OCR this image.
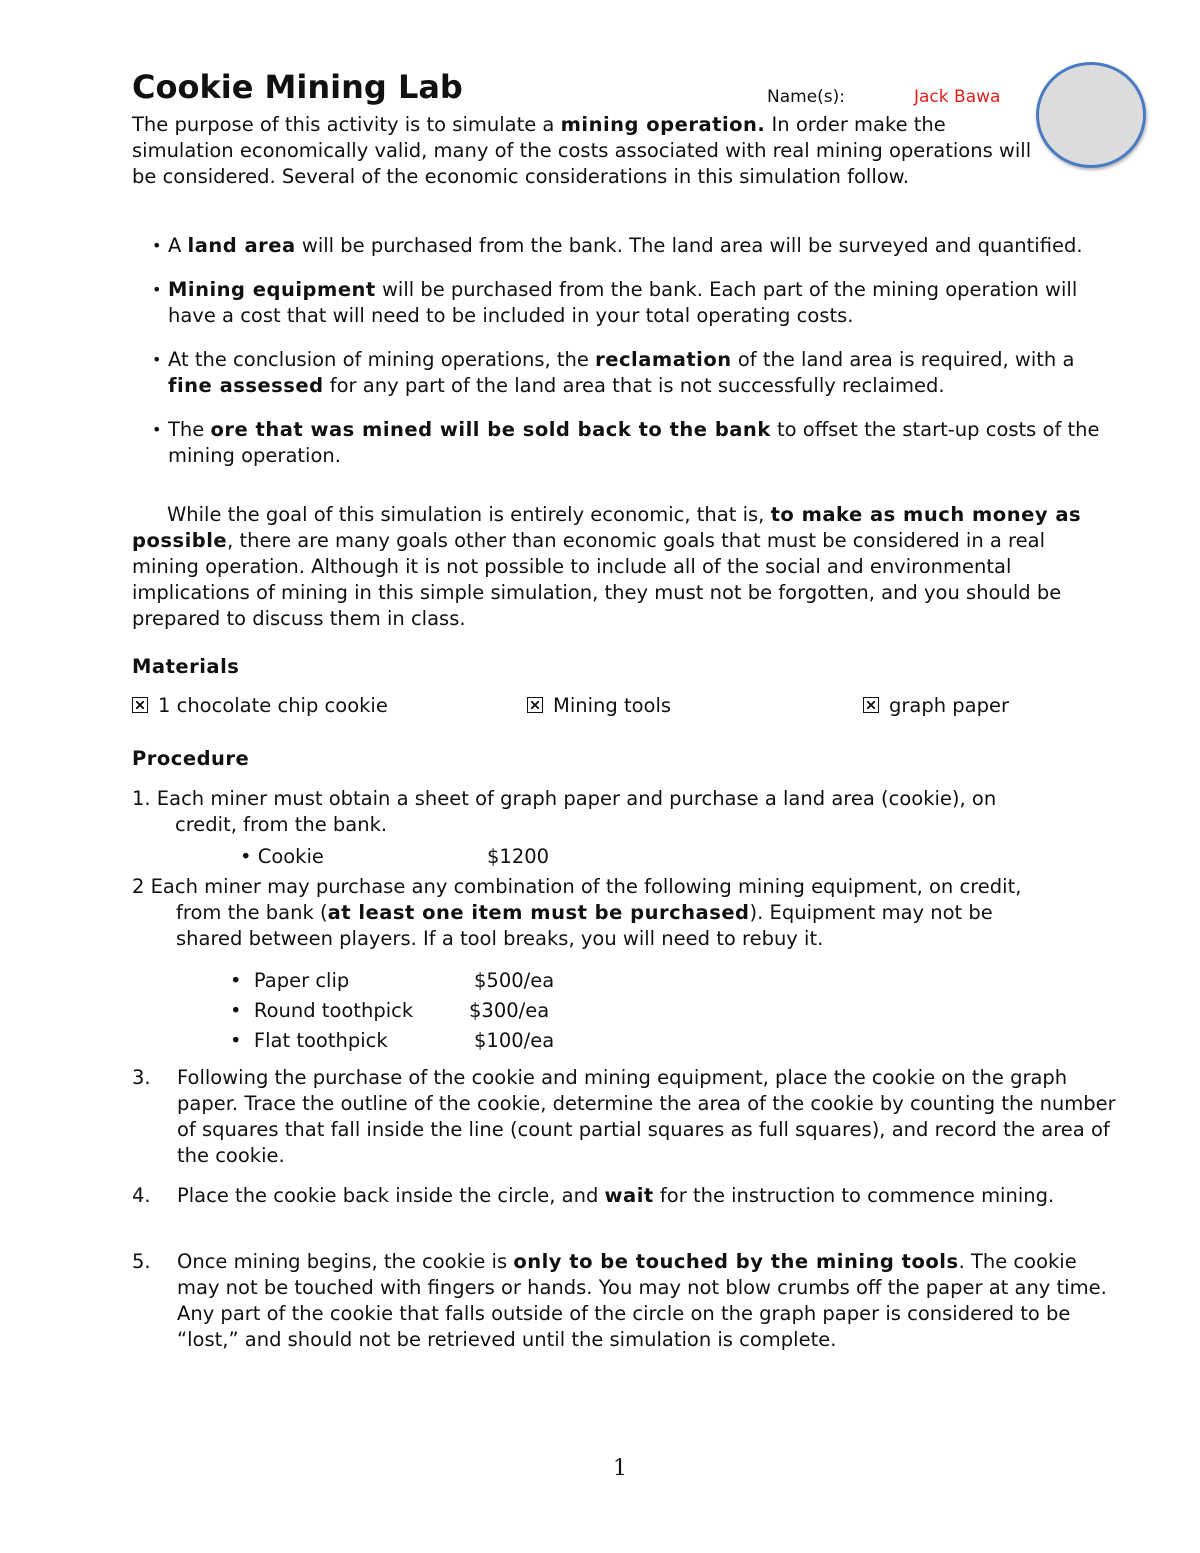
Cookie Mining Lab	Name(s):	Jack Bawa
The purpose of this activity is to simulate a mining operation. In order make the simulation economically valid, many of the costs associated with real mining operations will be considered. Several of the economic considerations in this simulation follow.
• A land area will be purchased from the bank. The land area will be surveyed and quantified.
• Mining equipment will be purchased from the bank. Each part of the mining operation will have a cost that will need to be included in your total operating costs.
• At the conclusion of mining operations, the reclamation of the land area is required, with a fine assessed for any part of the land area that is not successfully reclaimed.
• The ore that was mined will be sold back to the bank to offset the start-up costs of the mining operation.
While the goal of this simulation is entirely economic, that is, to make as much money as possible, there are many goals other than economic goals that must be considered in a real mining operation. Although it is not possible to include all of the social and environmental implications of mining in this simple simulation, they must not be forgotten, and you should be prepared to discuss them in class.
Materials
1 chocolate chip cookie	Mining tools	graph paper
Procedure
1. Each miner must obtain a sheet of graph paper and purchase a land area (cookie), on
credit, from the bank.
• Cookie	$1200
2 Each miner may purchase any combination of the following mining equipment, on credit,
from the bank (at least one item must be purchased). Equipment may not be
shared between players. If a tool breaks, you will need to rebuy it.
•  Paper clip	$500/ea
•  Round toothpick	$300/ea
•  Flat toothpick	$100/ea
3. Following the purchase of the cookie and mining equipment, place the cookie on the graph paper. Trace the outline of the cookie, determine the area of the cookie by counting the number of squares that fall inside the line (count partial squares as full squares), and record the area of the cookie.
4. Place the cookie back inside the circle, and wait for the instruction to commence mining.
5. Once mining begins, the cookie is only to be touched by the mining tools. The cookie may not be touched with fingers or hands. You may not blow crumbs off the paper at any time. Any part of the cookie that falls outside of the circle on the graph paper is considered to be “lost,” and should not be retrieved until the simulation is complete.
1
